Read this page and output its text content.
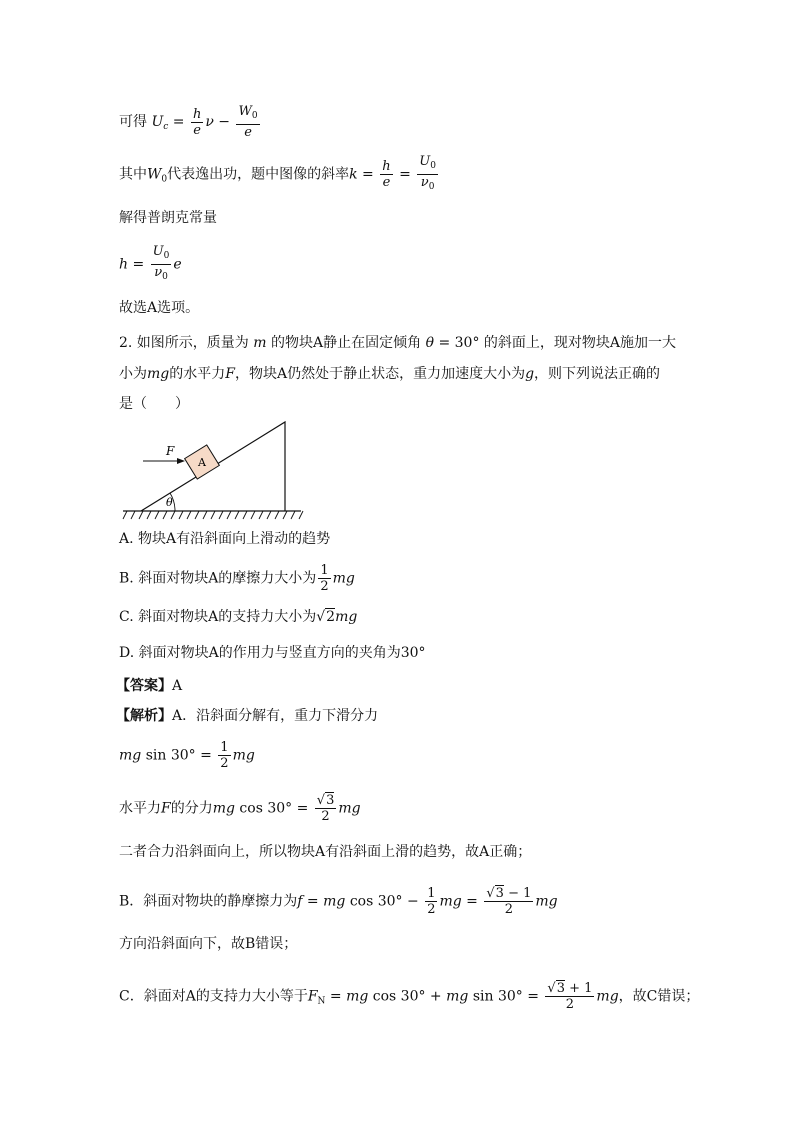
可得 $U_c = \frac{h}{e}$ $\nu - \frac{W_0}{e}$
其中$W_0$代表逸出功，题中图像的斜率$k = \frac{h}{e} = \frac{U_0}{\nu_0}$
解得普朗克常量
$h = \frac{U_0}{\nu_0}$ e
故选A选项。
2. 如图所示，质量为 m 的物块A静止在固定倾角 θ = 30° 的斜面上，现对物块A施加一大
小为mg的水平力F，物块A仍然处于静止状态，重力加速度大小为g，则下列说法正确的
是（　　）
θ
A
F
A. 物块A有沿斜面向上滑动的趋势
B. 斜面对物块A的摩擦力大小为 $\frac{1}{2}$ mg
C. 斜面对物块A的支持力大小为√2mg
D. 斜面对物块A的作用力与竖直方向的夹角为30°
【答案】A
【解析】A．沿斜面分解有，重力下滑分力
mg $\sin 30^\circ = \frac{1}{2}$ mg
水平力F的分力mg $\cos 30^\circ = \frac{√3}{2}$ mg
二者合力沿斜面向上，所以物块A有沿斜面上滑的趋势，故A正确；
B．斜面对物块的静摩擦力为f = mg $\cos 30^\circ - \frac{1}{2}$ mg = $\frac{√3 - 1}{2}$ mg
方向沿斜面向下，故B错误；
C．斜面对A的支持力大小等于$F_N$ = mg cos 30° + mg $\sin 30^\circ = \frac{√3 + 1}{2}$ mg，故C错误；
